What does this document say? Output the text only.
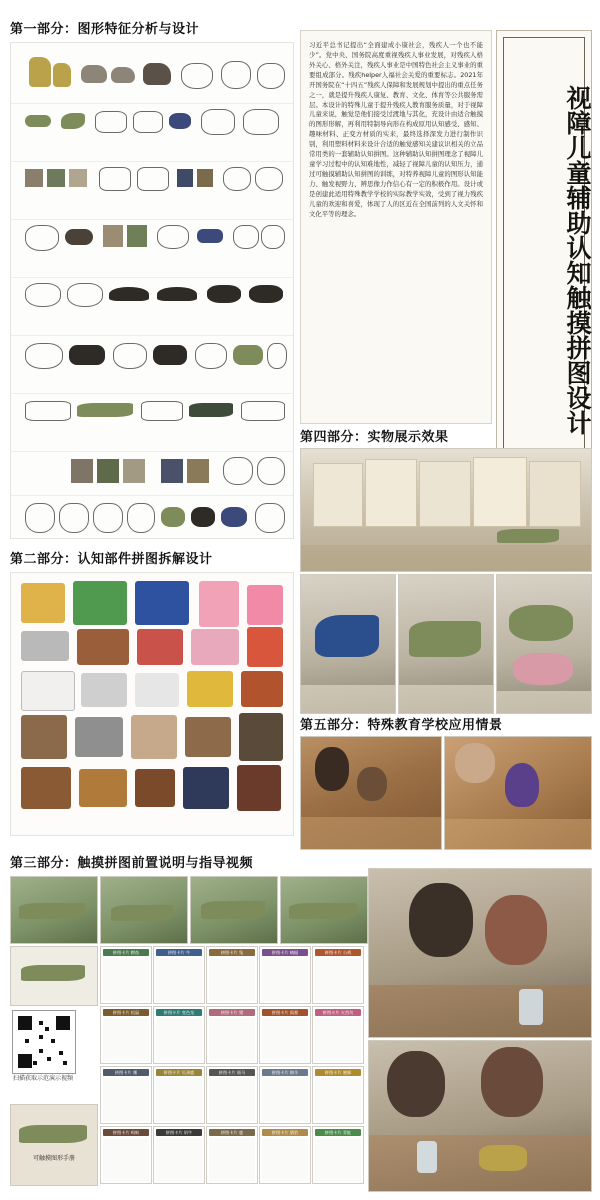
第一部分：图形特征分析与设计
习近平总书记提出“全面建成小康社会，残疾人一个也不能少”。党中央、国务院高度重视残疾人事业发展，对残疾人格外关心、格外关注，残疾人事业是中国特色社会主义事业的重要组成部分。残疾helper人福社会关爱的重要标志。2021年开国务院在“十四五”残疾人保障和发展规划中提出的重点任务之一，就是提升残疾人康复、教育、文化、体育等公共服务需层。本设计的特殊儿童于提升残疾人教育服务质量，对于视障儿童来说，触觉是他们接受过渡地与其化，充设计由适合触摸的图形形解，再利用特制导向形在构成原用认知感受、感知、趣味材料、正变方材质的实来，最终选择深发力进行制作识别，利用塑料材料来设计合适的触觉感知关建议识相关的立品常用类的一套辅助认知拼图。这种辅助认知拼图理念了视障儿童学习过程中的认知难地性，减轻了视障儿童的认知压力，通过可触摸辅助认知拼图的训练，对特养视障儿童的图形认知能力、触发视野力、辨思像力作信心有一定的积极作用。设计或是创建此适用特殊教学学校的实际教学实效，受到了视力残疾儿童的欢迎和喜爱，体现了人的区近在全国前列的人文关怀和文化平等的理念。	视障儿童辅助认知触摸拼图设计
第四部分：实物展示效果
第五部分：特殊教育学校应用情景
第二部分：认知部件拼图拆解设计
第三部分：触摸拼图前置说明与指导视频
扫描获取示范演示视频
可触摸图形手册
拼图卡片 鳄鱼	拼图卡片 牛	拼图卡片 兔	拼图卡片 蜻蜓	拼图卡片 公鸡
拼图卡片 松鼠	拼图卡片 变色龙	拼图卡片 猪	拼图卡片 狐狸	拼图卡片 火烈鸟
拼图卡片 鹰	拼图卡片 长颈鹿	拼图卡片 斑马	拼图卡片 绵羊	拼图卡片 蜜蜂
拼图卡片 蚂蚁	拼图卡片 奶牛	拼图卡片 鹿	拼图卡片 猎豹	拼图卡片 青蛙
